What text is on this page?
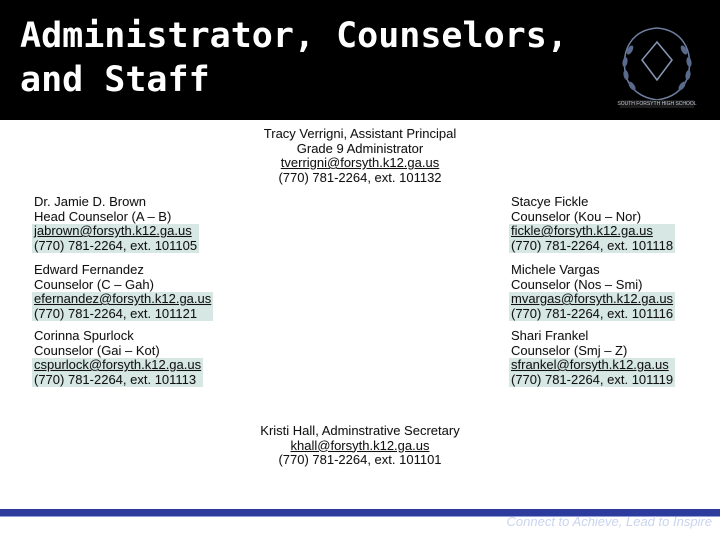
Administrator, Counselors,
and Staff
SOUTH FORSYTH HIGH SCHOOL
Tracy Verrigni, Assistant Principal
Grade 9 Administrator
tverrigni@forsyth.k12.ga.us
(770) 781-2264, ext. 101132
Dr. Jamie D. Brown
Head Counselor (A – B)
jabrown@forsyth.k12.ga.us
(770) 781-2264, ext. 101105
Edward Fernandez
Counselor (C – Gah)
efernandez@forsyth.k12.ga.us
(770) 781-2264, ext. 101121
Corinna Spurlock
Counselor (Gai – Kot)
cspurlock@forsyth.k12.ga.us
(770) 781-2264, ext. 101113
Stacye Fickle
Counselor (Kou – Nor)
fickle@forsyth.k12.ga.us
(770) 781-2264, ext. 101118
Michele Vargas
Counselor (Nos – Smi)
mvargas@forsyth.k12.ga.us
(770) 781-2264, ext. 101116
Shari Frankel
Counselor (Smj – Z)
sfrankel@forsyth.k12.ga.us
(770) 781-2264, ext. 101119
Kristi Hall, Adminstrative Secretary
khall@forsyth.k12.ga.us
(770) 781-2264, ext. 101101
Connect to Achieve, Lead to Inspire
